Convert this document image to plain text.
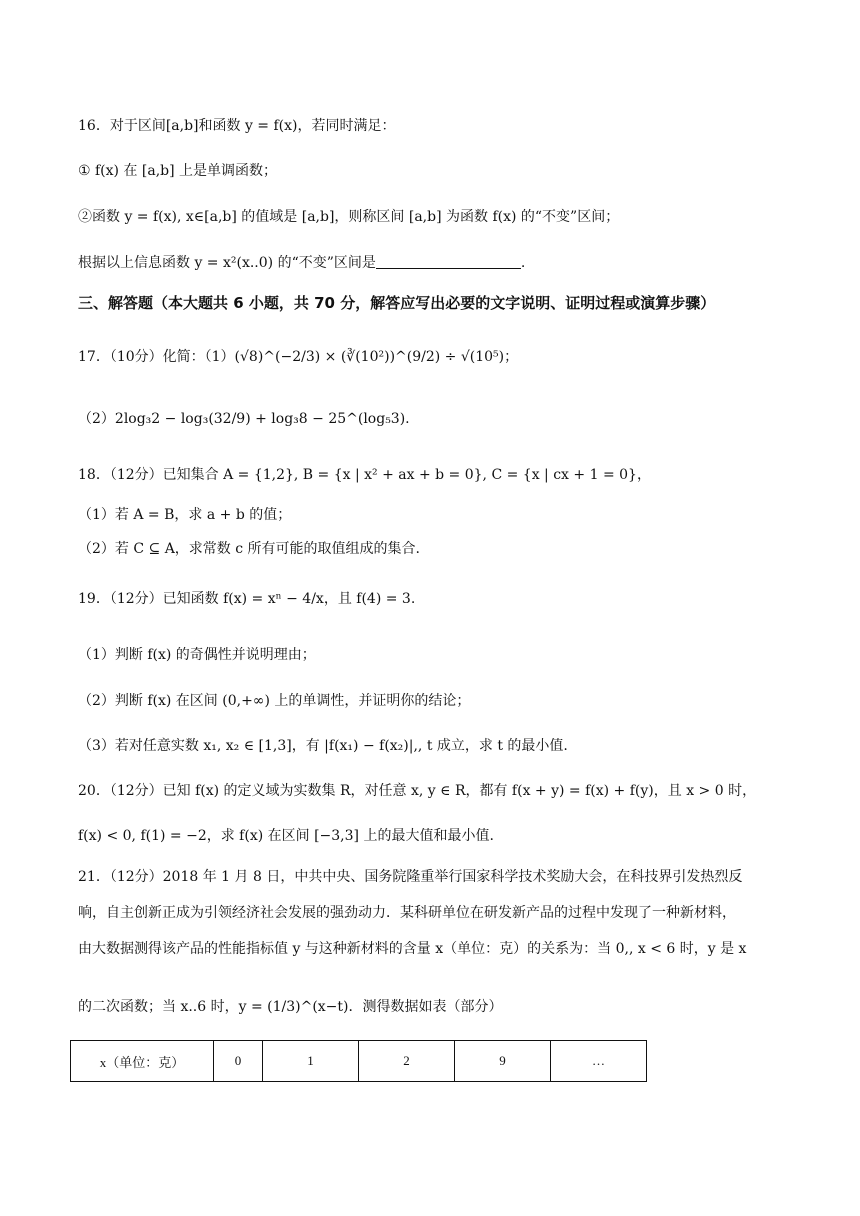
16．对于区间[a,b]和函数 y = f(x)，若同时满足：
① f(x) 在 [a,b] 上是单调函数；
②函数 y = f(x), x∈[a,b] 的值域是 [a,b]，则称区间 [a,b] 为函数 f(x) 的“不变”区间；
根据以上信息函数 y = x²(x..0) 的“不变”区间是	.
三、解答题（本大题共 6 小题，共 70 分，解答应写出必要的文字说明、证明过程或演算步骤）
17．（10分）化简：（1）(√8)^(−2/3) × (∛(10²))^(9/2) ÷ √(10⁵)；
（2）2log₃2 − log₃(32/9) + log₃8 − 25^(log₅3).
18．（12分）已知集合 A = {1,2}, B = {x | x² + ax + b = 0}, C = {x | cx + 1 = 0}，
（1）若 A = B，求 a + b 的值；
（2）若 C ⊆ A，求常数 c 所有可能的取值组成的集合.
19．（12分）已知函数 f(x) = xⁿ − 4/x，且 f(4) = 3.
（1）判断 f(x) 的奇偶性并说明理由；
（2）判断 f(x) 在区间 (0,+∞) 上的单调性，并证明你的结论；
（3）若对任意实数 x₁, x₂ ∈ [1,3]，有 |f(x₁) − f(x₂)|,, t 成立，求 t 的最小值.
20．（12分）已知 f(x) 的定义域为实数集 R，对任意 x, y ∈ R，都有 f(x + y) = f(x) + f(y)，且 x > 0 时，
f(x) < 0, f(1) = −2，求 f(x) 在区间 [−3,3] 上的最大值和最小值.
21．（12分）2018 年 1 月 8 日，中共中央、国务院隆重举行国家科学技术奖励大会，在科技界引发热烈反
响，自主创新正成为引领经济社会发展的强劲动力．某科研单位在研发新产品的过程中发现了一种新材料，
由大数据测得该产品的性能指标值 y 与这种新材料的含量 x（单位：克）的关系为：当 0,, x < 6 时，y 是 x
的二次函数；当 x..6 时，y = (1/3)^(x−t)．测得数据如表（部分）
x（单位：克）	0	1	2	9	…
